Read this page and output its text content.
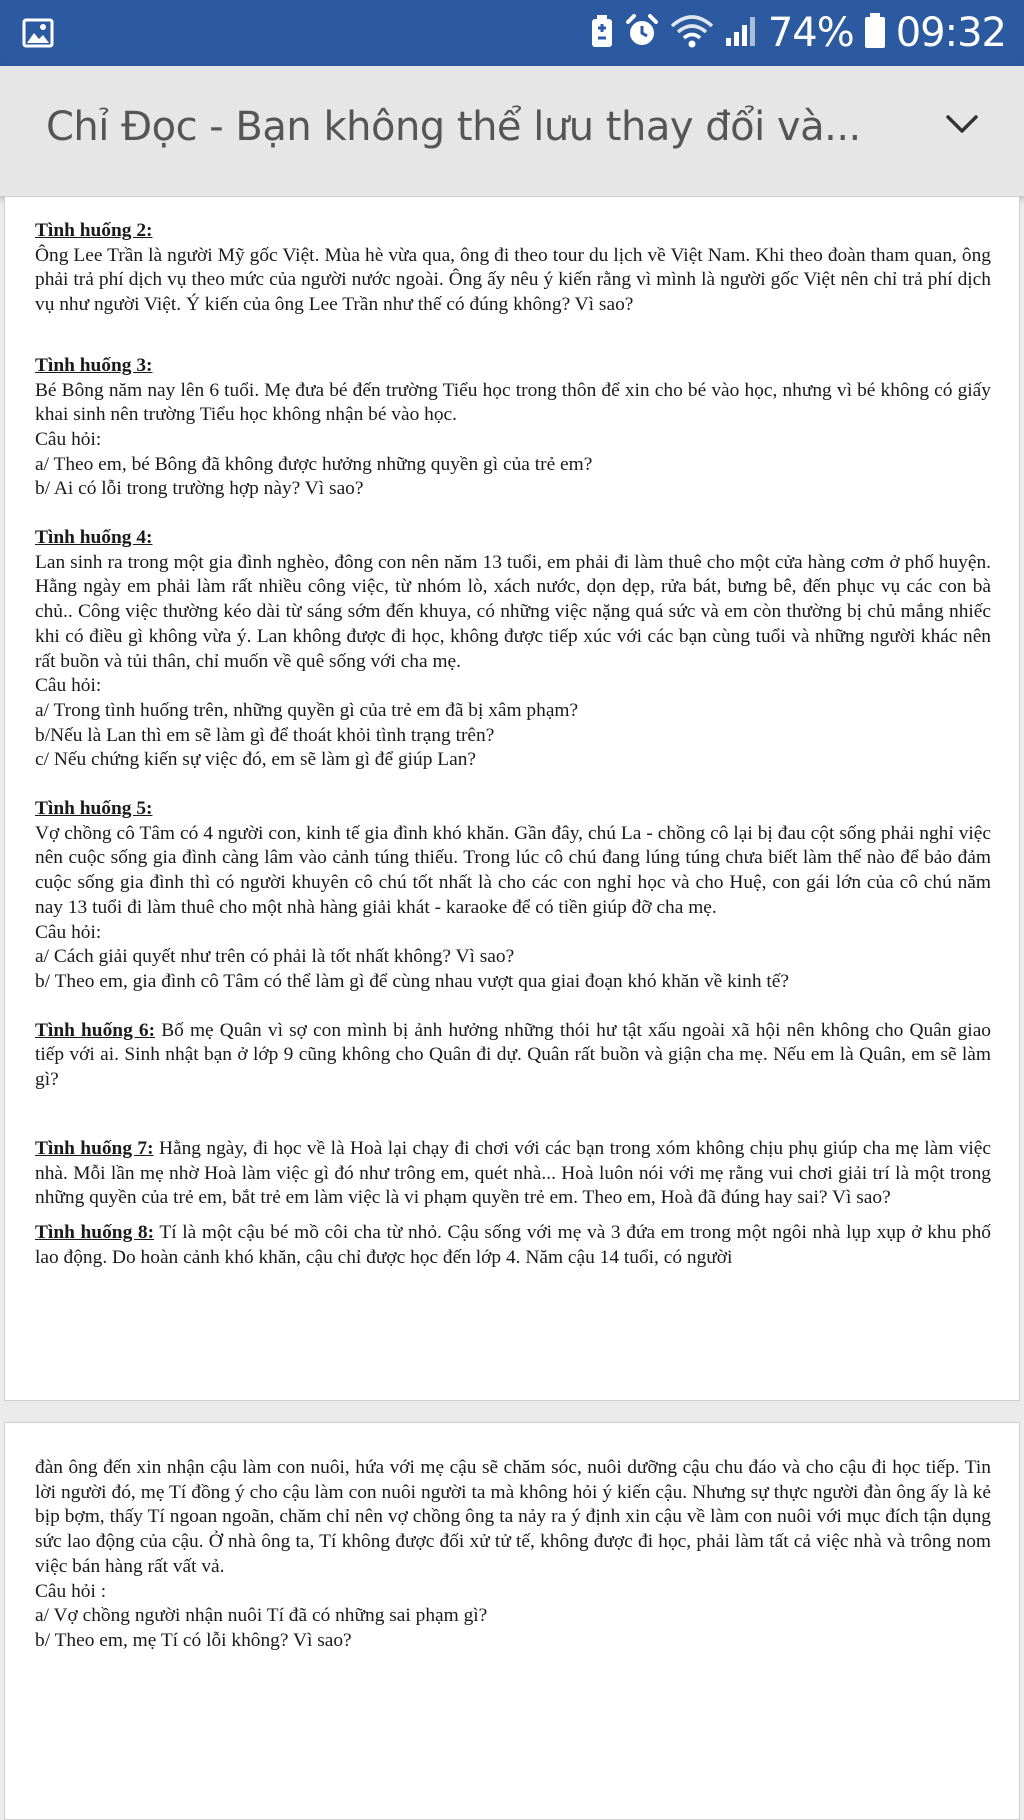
74% 09:32
Chỉ Đọc - Bạn không thể lưu thay đổi và...

Tình huống 2:

Ông Lee Trần là người Mỹ gốc Việt. Mùa hè vừa qua, ông đi theo tour du lịch về Việt Nam. Khi theo đoàn tham quan, ông phải trả phí dịch vụ theo mức của người nước ngoài. Ông ấy nêu ý kiến rằng vì mình là người gốc Việt nên chỉ trả phí dịch vụ như người Việt. Ý kiến của ông Lee Trần như thế có đúng không? Vì sao?

Tình huống 3:

Bé Bông năm nay lên 6 tuổi. Mẹ đưa bé đến trường Tiểu học trong thôn để xin cho bé vào học, nhưng vì bé không có giấy khai sinh nên trường Tiểu học không nhận bé vào học.

Câu hỏi:

a/ Theo em, bé Bông đã không được hưởng những quyền gì của trẻ em?

b/ Ai có lỗi trong trường hợp này? Vì sao?

Tình huống 4:

Lan sinh ra trong một gia đình nghèo, đông con nên năm 13 tuổi, em phải đi làm thuê cho một cửa hàng cơm ở phố huyện. Hằng ngày em phải làm rất nhiều công việc, từ nhóm lò, xách nước, dọn dẹp, rửa bát, bưng bê, đến phục vụ các con bà chủ.. Công việc thường kéo dài từ sáng sớm đến khuya, có những việc nặng quá sức và em còn thường bị chủ mắng nhiếc khi có điều gì không vừa ý. Lan không được đi học, không được tiếp xúc với các bạn cùng tuổi và những người khác nên rất buồn và tủi thân, chỉ muốn về quê sống với cha mẹ.

Câu hỏi:

a/ Trong tình huống trên, những quyền gì của trẻ em đã bị xâm phạm?

b/Nếu là Lan thì em sẽ làm gì để thoát khỏi tình trạng trên?

c/ Nếu chứng kiến sự việc đó, em sẽ làm gì để giúp Lan?

Tình huống 5:

Vợ chồng cô Tâm có 4 người con, kinh tế gia đình khó khăn. Gần đây, chú La - chồng cô lại bị đau cột sống phải nghỉ việc nên cuộc sống gia đình càng lâm vào cảnh túng thiếu. Trong lúc cô chú đang lúng túng chưa biết làm thế nào để bảo đảm cuộc sống gia đình thì có người khuyên cô chú tốt nhất là cho các con nghỉ học và cho Huệ, con gái lớn của cô chú năm nay 13 tuổi đi làm thuê cho một nhà hàng giải khát - karaoke để có tiền giúp đỡ cha mẹ.

Câu hỏi:

a/ Cách giải quyết như trên có phải là tốt nhất không? Vì sao?

b/ Theo em, gia đình cô Tâm có thể làm gì để cùng nhau vượt qua giai đoạn khó khăn về kinh tế?

Tình huống 6: Bố mẹ Quân vì sợ con mình bị ảnh hưởng những thói hư tật xấu ngoài xã hội nên không cho Quân giao tiếp với ai. Sinh nhật bạn ở lớp 9 cũng không cho Quân đi dự. Quân rất buồn và giận cha mẹ. Nếu em là Quân, em sẽ làm gì?

Tình huống 7: Hằng ngày, đi học về là Hoà lại chạy đi chơi với các bạn trong xóm không chịu phụ giúp cha mẹ làm việc nhà. Mỗi lần mẹ nhờ Hoà làm việc gì đó như trông em, quét nhà... Hoà luôn nói với mẹ rằng vui chơi giải trí là một trong những quyền của trẻ em, bắt trẻ em làm việc là vi phạm quyền trẻ em. Theo em, Hoà đã đúng hay sai? Vì sao?

Tình huống 8: Tí là một cậu bé mồ côi cha từ nhỏ. Cậu sống với mẹ và 3 đứa em trong một ngôi nhà lụp xụp ở khu phố lao động. Do hoàn cảnh khó khăn, cậu chỉ được học đến lớp 4. Năm cậu 14 tuổi, có người

đàn ông đến xin nhận cậu làm con nuôi, hứa với mẹ cậu sẽ chăm sóc, nuôi dưỡng cậu chu đáo và cho cậu đi học tiếp. Tin lời người đó, mẹ Tí đồng ý cho cậu làm con nuôi người ta mà không hỏi ý kiến cậu. Nhưng sự thực người đàn ông ấy là kẻ bịp bợm, thấy Tí ngoan ngoãn, chăm chỉ nên vợ chồng ông ta nảy ra ý định xin cậu về làm con nuôi với mục đích tận dụng sức lao động của cậu. Ở nhà ông ta, Tí không được đối xử tử tế, không được đi học, phải làm tất cả việc nhà và trông nom việc bán hàng rất vất vả.

Câu hỏi :

a/ Vợ chồng người nhận nuôi Tí đã có những sai phạm gì?

b/ Theo em, mẹ Tí có lỗi không? Vì sao?
